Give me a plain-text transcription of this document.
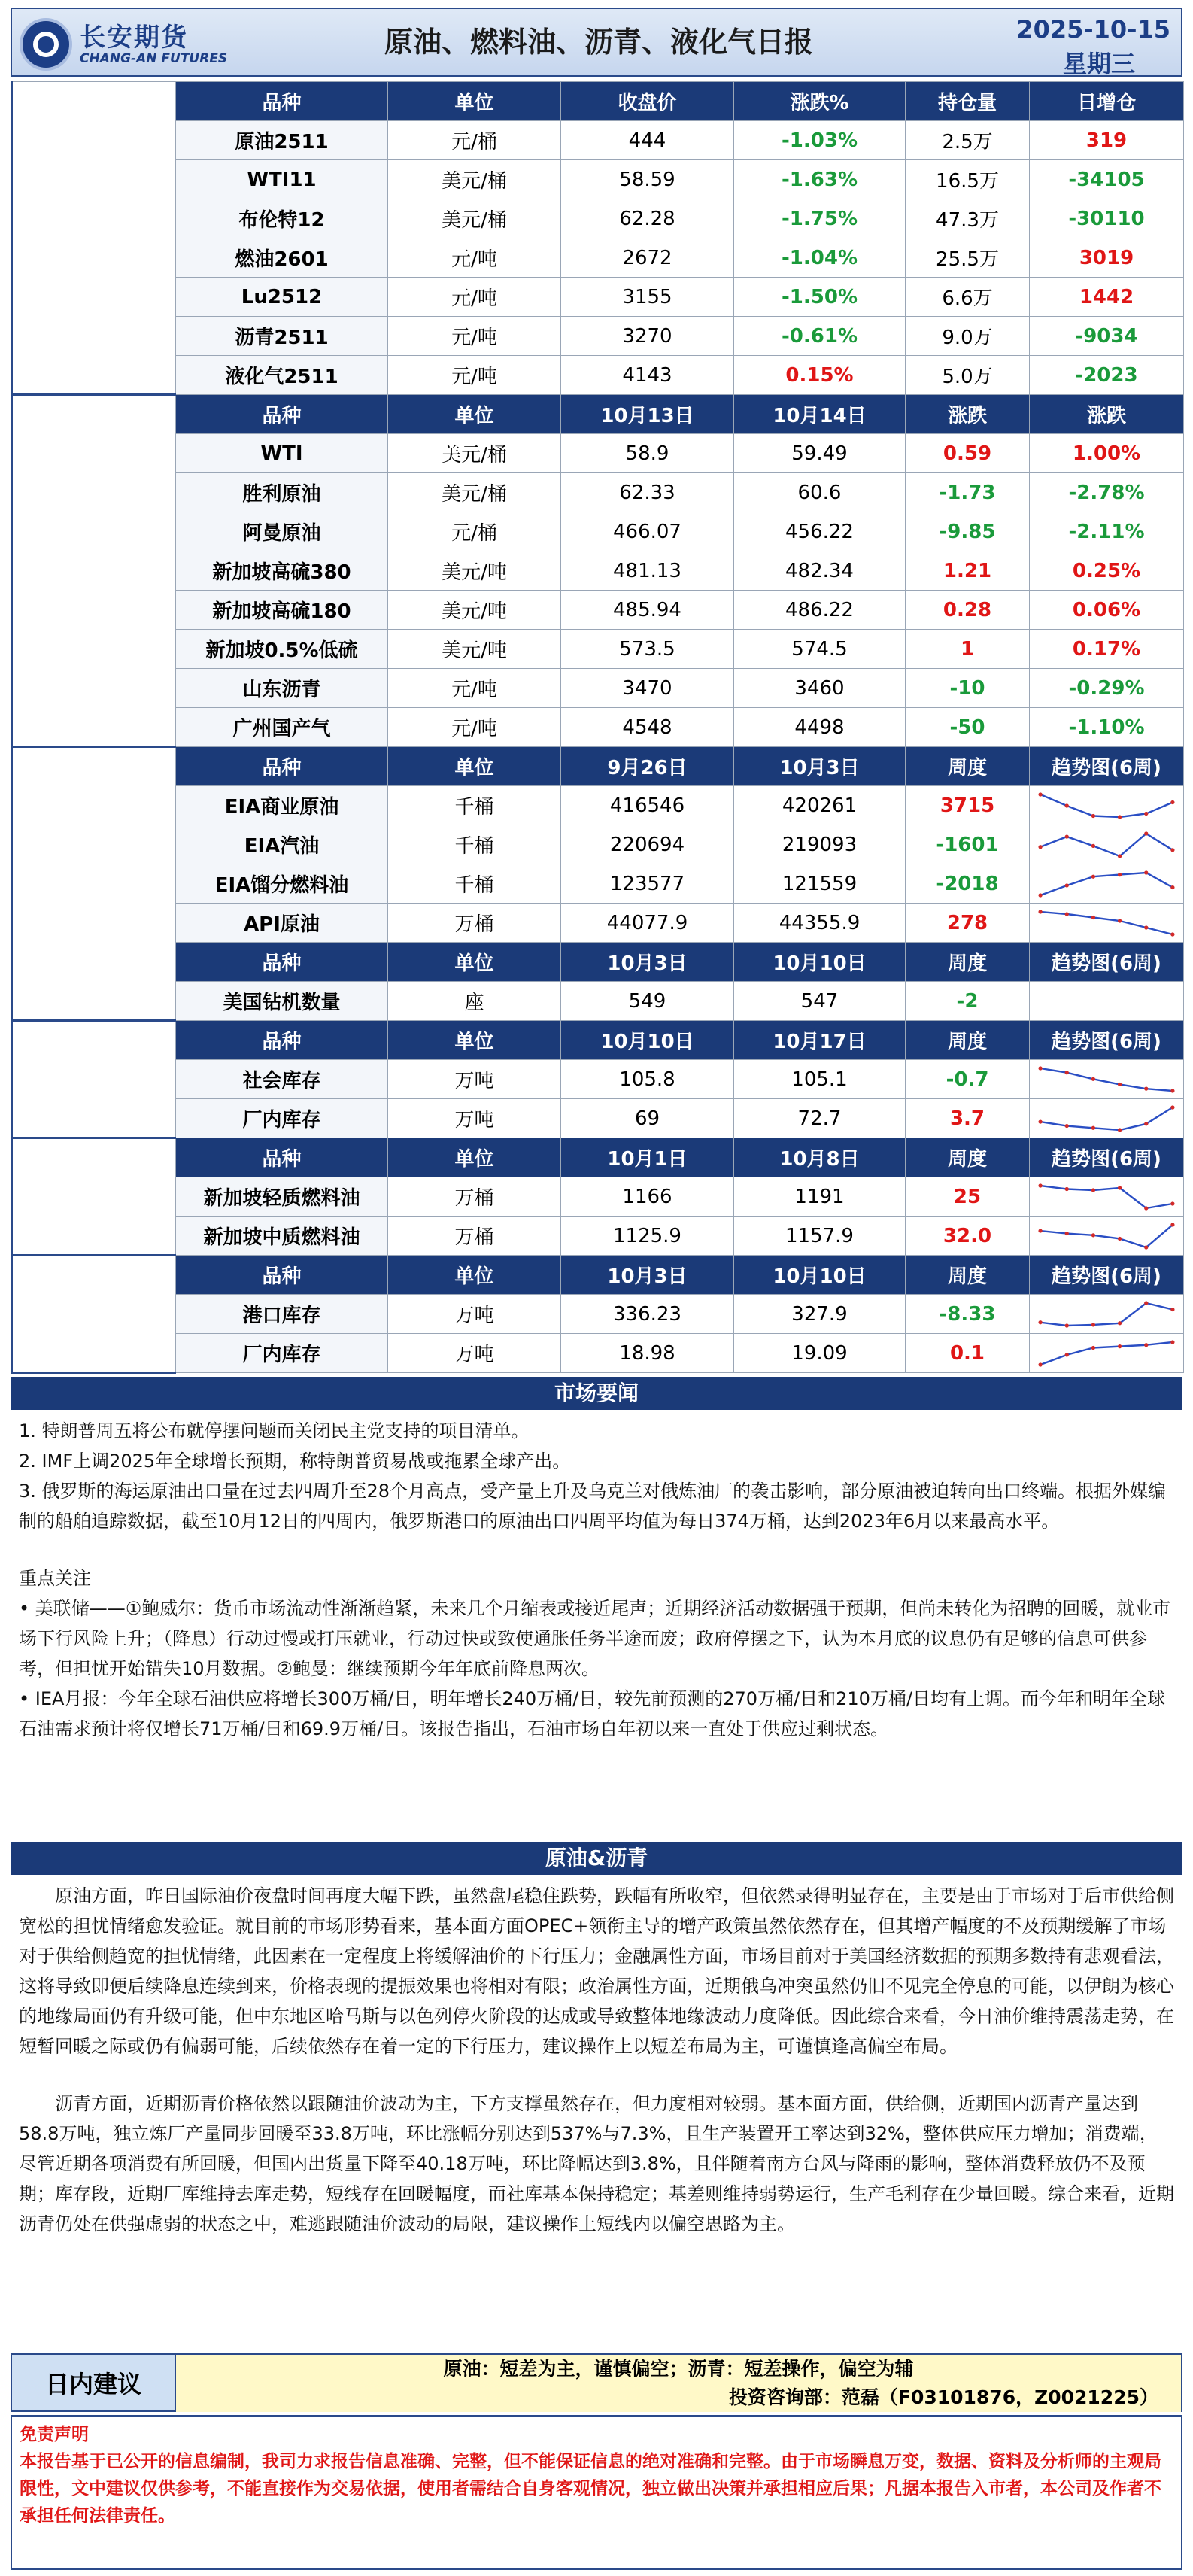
长安期货
CHANG-AN FUTURES	原油、燃料油、沥青、液化气日报	2025-10-15
星期三
期货每日信息	品种	单位	收盘价	涨跌%	持仓量	日增仓
	原油2511	元/桶	444	-1.03%	2.5万	319
	WTI11	美元/桶	58.59	-1.63%	16.5万	-34105
	布伦特12	美元/桶	62.28	-1.75%	47.3万	-30110
	燃油2601	元/吨	2672	-1.04%	25.5万	3019
	Lu2512	元/吨	3155	-1.50%	6.6万	1442
	沥青2511	元/吨	3270	-0.61%	9.0万	-9034
	液化气2511	元/吨	4143	0.15%	5.0万	-2023
现货价格	品种	单位	10月13日	10月14日	涨跌	涨跌
	WTI	美元/桶	58.9	59.49	0.59	1.00%
	胜利原油	美元/桶	62.33	60.6	-1.73	-2.78%
	阿曼原油	元/桶	466.07	456.22	-9.85	-2.11%
	新加坡高硫380	美元/吨	481.13	482.34	1.21	0.25%
	新加坡高硫180	美元/吨	485.94	486.22	0.28	0.06%
	新加坡0.5%低硫	美元/吨	573.5	574.5	1	0.17%
	山东沥青	元/吨	3470	3460	-10	-0.29%
	广州国产气	元/吨	4548	4498	-50	-1.10%
原油库存	品种	单位	9月26日	10月3日	周度	趋势图(6周)
	EIA商业原油	千桶	416546	420261	3715	

	EIA汽油	千桶	220694	219093	-1601	

	EIA馏分燃料油	千桶	123577	121559	-2018	

	API原油	万桶	44077.9	44355.9	278	

	品种	单位	10月3日	10月10日	周度	趋势图(6周)
	美国钻机数量	座	549	547	-2	
沥青库存	品种	单位	10月10日	10月17日	周度	趋势图(6周)
	社会库存	万吨	105.8	105.1	-0.7	

	厂内库存	万吨	69	72.7	3.7	

燃料油库存	品种	单位	10月1日	10月8日	周度	趋势图(6周)
	新加坡轻质燃料油	万桶	1166	1191	25	

	新加坡中质燃料油	万桶	1125.9	1157.9	32.0	

液化气库存	品种	单位	10月3日	10月10日	周度	趋势图(6周)
	港口库存	万吨	336.23	327.9	-8.33	

	厂内库存	万吨	18.98	19.09	0.1	
市场要闻

1. 特朗普周五将公布就停摆问题而关闭民主党支持的项目清单。

2. IMF上调2025年全球增长预期，称特朗普贸易战或拖累全球产出。

3. 俄罗斯的海运原油出口量在过去四周升至28个月高点，受产量上升及乌克兰对俄炼油厂的袭击影响，部分原油被迫转向出口终端。根据外媒编制的船舶追踪数据，截至10月12日的四周内，俄罗斯港口的原油出口四周平均值为每日374万桶，达到2023年6月以来最高水平。

重点关注

• 美联储——①鲍威尔：货币市场流动性渐渐趋紧，未来几个月缩表或接近尾声；近期经济活动数据强于预期，但尚未转化为招聘的回暖，就业市场下行风险上升；（降息）行动过慢或打压就业，行动过快或致使通胀任务半途而废；政府停摆之下，认为本月底的议息仍有足够的信息可供参考，但担忧开始错失10月数据。②鲍曼：继续预期今年年底前降息两次。

• IEA月报：今年全球石油供应将增长300万桶/日，明年增长240万桶/日，较先前预测的270万桶/日和210万桶/日均有上调。而今年和明年全球石油需求预计将仅增长71万桶/日和69.9万桶/日。该报告指出，石油市场自年初以来一直处于供应过剩状态。

原油&沥青

原油方面，昨日国际油价夜盘时间再度大幅下跌，虽然盘尾稳住跌势，跌幅有所收窄，但依然录得明显存在，主要是由于市场对于后市供给侧宽松的担忧情绪愈发验证。就目前的市场形势看来，基本面方面OPEC+领衔主导的增产政策虽然依然存在，但其增产幅度的不及预期缓解了市场对于供给侧趋宽的担忧情绪，此因素在一定程度上将缓解油价的下行压力；金融属性方面，市场目前对于美国经济数据的预期多数持有悲观看法，这将导致即便后续降息连续到来，价格表现的提振效果也将相对有限；政治属性方面，近期俄乌冲突虽然仍旧不见完全停息的可能，以伊朗为核心的地缘局面仍有升级可能，但中东地区哈马斯与以色列停火阶段的达成或导致整体地缘波动力度降低。因此综合来看，今日油价维持震荡走势，在短暂回暖之际或仍有偏弱可能，后续依然存在着一定的下行压力，建议操作上以短差布局为主，可谨慎逢高偏空布局。

沥青方面，近期沥青价格依然以跟随油价波动为主，下方支撑虽然存在，但力度相对较弱。基本面方面，供给侧，近期国内沥青产量达到58.8万吨，独立炼厂产量同步回暖至33.8万吨，环比涨幅分别达到537%与7.3%，且生产装置开工率达到32%，整体供应压力增加；消费端，尽管近期各项消费有所回暖，但国内出货量下降至40.18万吨，环比降幅达到3.8%，且伴随着南方台风与降雨的影响，整体消费释放仍不及预期；库存段，近期厂库维持去库走势，短线存在回暖幅度，而社库基本保持稳定；基差则维持弱势运行，生产毛利存在少量回暖。综合来看，近期沥青仍处在供强虚弱的状态之中，难逃跟随油价波动的局限，建议操作上短线内以偏空思路为主。

日内建议
原油：短差为主，谨慎偏空；沥青：短差操作，偏空为辅
投资咨询部：范磊（F03101876，Z0021225）
免责声明
本报告基于已公开的信息编制，我司力求报告信息准确、完整，但不能保证信息的绝对准确和完整。由于市场瞬息万变，数据、资料及分析师的主观局限性，文中建议仅供参考，不能直接作为交易依据，使用者需结合自身客观情况，独立做出决策并承担相应后果；凡据本报告入市者，本公司及作者不承担任何法律责任。
